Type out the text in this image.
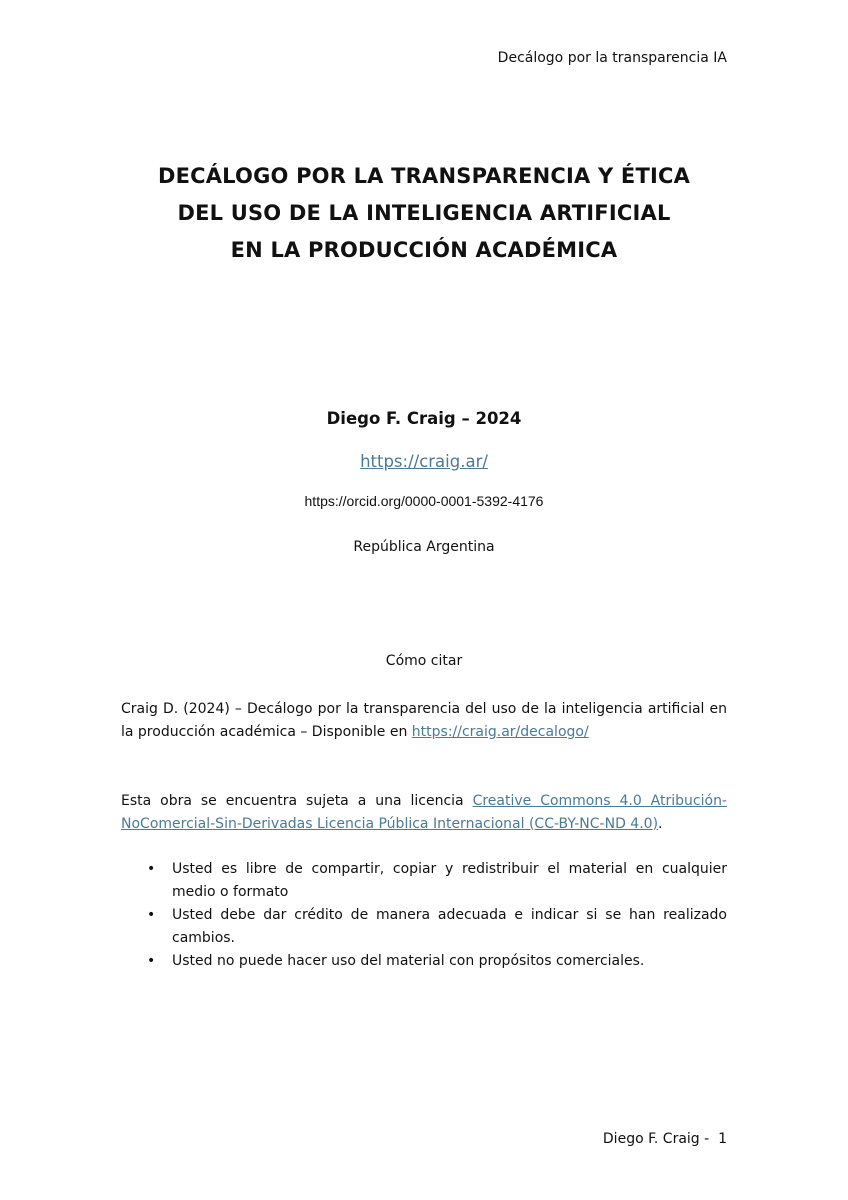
Decálogo por la transparencia IA
DECÁLOGO POR LA TRANSPARENCIA Y ÉTICA
DEL USO DE LA INTELIGENCIA ARTIFICIAL
EN LA PRODUCCIÓN ACADÉMICA
Diego F. Craig – 2024
https://craig.ar/
https://orcid.org/0000-0001-5392-4176
República Argentina
Cómo citar
Craig D. (2024) – Decálogo por la transparencia del uso de la inteligencia artificial en la producción académica – Disponible en https://craig.ar/decalogo/
Esta obra se encuentra sujeta a una licencia Creative Commons 4.0 Atribución-NoComercial-Sin-Derivadas Licencia Pública Internacional (CC-BY-NC-ND 4.0).
• Usted es libre de compartir, copiar y redistribuir el material en cualquier medio o formato
• Usted debe dar crédito de manera adecuada e indicar si se han realizado cambios.
• Usted no puede hacer uso del material con propósitos comerciales.
Diego F. Craig -  1
